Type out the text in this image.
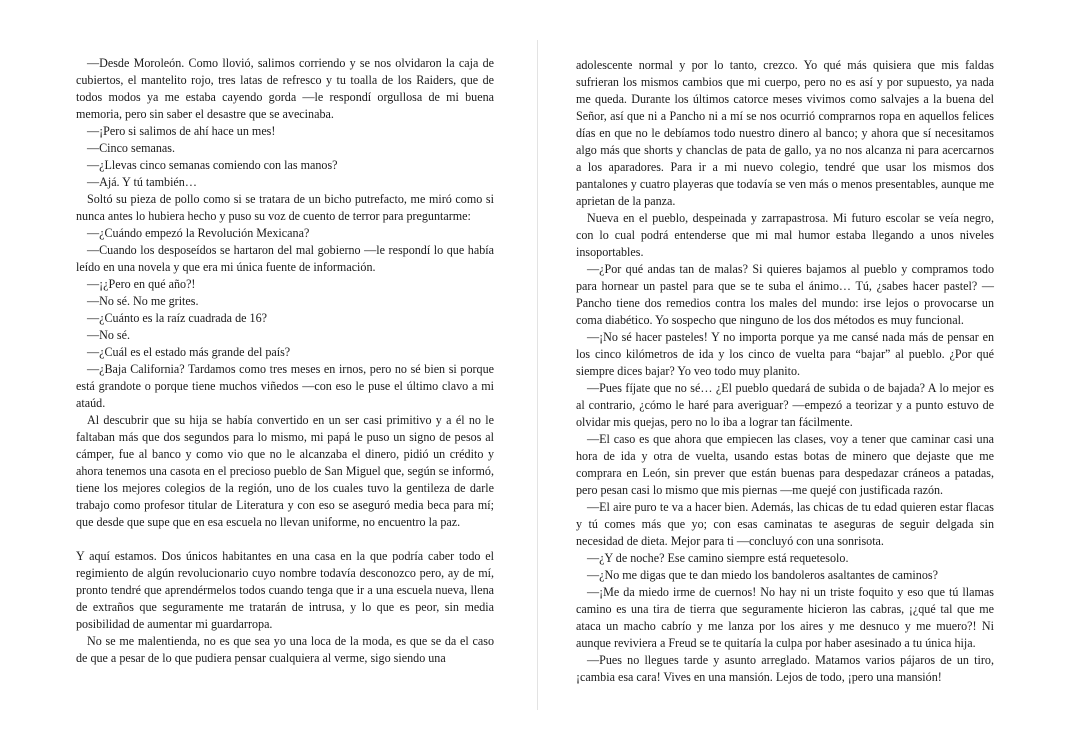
—Desde Moroleón. Como llovió, salimos corriendo y se nos olvidaron la caja de cubiertos, el mantelito rojo, tres latas de refresco y tu toalla de los Raiders, que de todos modos ya me estaba cayendo gorda —le respondí orgullosa de mi buena memoria, pero sin saber el desastre que se avecinaba.

—¡Pero si salimos de ahí hace un mes!

—Cinco semanas.

—¿Llevas cinco semanas comiendo con las manos?

—Ajá. Y tú también…

Soltó su pieza de pollo como si se tratara de un bicho putrefacto, me miró como si nunca antes lo hubiera hecho y puso su voz de cuento de terror para preguntarme:

—¿Cuándo empezó la Revolución Mexicana?

—Cuando los desposeídos se hartaron del mal gobierno —le respondí lo que había leído en una novela y que era mi única fuente de información.

—¡¿Pero en qué año?!

—No sé. No me grites.

—¿Cuánto es la raíz cuadrada de 16?

—No sé.

—¿Cuál es el estado más grande del país?

—¿Baja California? Tardamos como tres meses en irnos, pero no sé bien si porque está grandote o porque tiene muchos viñedos —con eso le puse el último clavo a mi ataúd.

Al descubrir que su hija se había convertido en un ser casi primitivo y a él no le faltaban más que dos segundos para lo mismo, mi papá le puso un signo de pesos al cámper, fue al banco y como vio que no le alcanzaba el dinero, pidió un crédito y ahora tenemos una casota en el precioso pueblo de San Miguel que, según se informó, tiene los mejores colegios de la región, uno de los cuales tuvo la gentileza de darle trabajo como profesor titular de Literatura y con eso se aseguró media beca para mí; que desde que supe que en esa escuela no llevan uniforme, no encuentro la paz.

Y aquí estamos. Dos únicos habitantes en una casa en la que podría caber todo el regimiento de algún revolucionario cuyo nombre todavía desconozco pero, ay de mí, pronto tendré que aprendérmelos todos cuando tenga que ir a una escuela nueva, llena de extraños que seguramente me tratarán de intrusa, y lo que es peor, sin media posibilidad de aumentar mi guardarropa.

No se me malentienda, no es que sea yo una loca de la moda, es que se da el caso de que a pesar de lo que pudiera pensar cualquiera al verme, sigo siendo una

adolescente normal y por lo tanto, crezco. Yo qué más quisiera que mis faldas sufrieran los mismos cambios que mi cuerpo, pero no es así y por supuesto, ya nada me queda. Durante los últimos catorce meses vivimos como salvajes a la buena del Señor, así que ni a Pancho ni a mí se nos ocurrió comprarnos ropa en aquellos felices días en que no le debíamos todo nuestro dinero al banco; y ahora que sí necesitamos algo más que shorts y chanclas de pata de gallo, ya no nos alcanza ni para acercarnos a los aparadores. Para ir a mi nuevo colegio, tendré que usar los mismos dos pantalones y cuatro playeras que todavía se ven más o menos presentables, aunque me aprietan de la panza.

Nueva en el pueblo, despeinada y zarrapastrosa. Mi futuro escolar se veía negro, con lo cual podrá entenderse que mi mal humor estaba llegando a unos niveles insoportables.

—¿Por qué andas tan de malas? Si quieres bajamos al pueblo y compramos todo para hornear un pastel para que se te suba el ánimo… Tú, ¿sabes hacer pastel? —Pancho tiene dos remedios contra los males del mundo: irse lejos o provocarse un coma diabético. Yo sospecho que ninguno de los dos métodos es muy funcional.

—¡No sé hacer pasteles! Y no importa porque ya me cansé nada más de pensar en los cinco kilómetros de ida y los cinco de vuelta para “bajar” al pueblo. ¿Por qué siempre dices bajar? Yo veo todo muy planito.

—Pues fíjate que no sé… ¿El pueblo quedará de subida o de bajada? A lo mejor es al contrario, ¿cómo le haré para averiguar? —empezó a teorizar y a punto estuvo de olvidar mis quejas, pero no lo iba a lograr tan fácilmente.

—El caso es que ahora que empiecen las clases, voy a tener que caminar casi una hora de ida y otra de vuelta, usando estas botas de minero que dejaste que me comprara en León, sin prever que están buenas para despedazar cráneos a patadas, pero pesan casi lo mismo que mis piernas —me quejé con justificada razón.

—El aire puro te va a hacer bien. Además, las chicas de tu edad quieren estar flacas y tú comes más que yo; con esas caminatas te aseguras de seguir delgada sin necesidad de dieta. Mejor para ti —concluyó con una sonrisota.

—¿Y de noche? Ese camino siempre está requetesolo.

—¿No me digas que te dan miedo los bandoleros asaltantes de caminos?

—¡Me da miedo irme de cuernos! No hay ni un triste foquito y eso que tú llamas camino es una tira de tierra que seguramente hicieron las cabras, ¡¿qué tal que me ataca un macho cabrío y me lanza por los aires y me desnuco y me muero?! Ni aunque reviviera a Freud se te quitaría la culpa por haber asesinado a tu única hija.

—Pues no llegues tarde y asunto arreglado. Matamos varios pájaros de un tiro, ¡cambia esa cara! Vives en una mansión. Lejos de todo, ¡pero una mansión!
